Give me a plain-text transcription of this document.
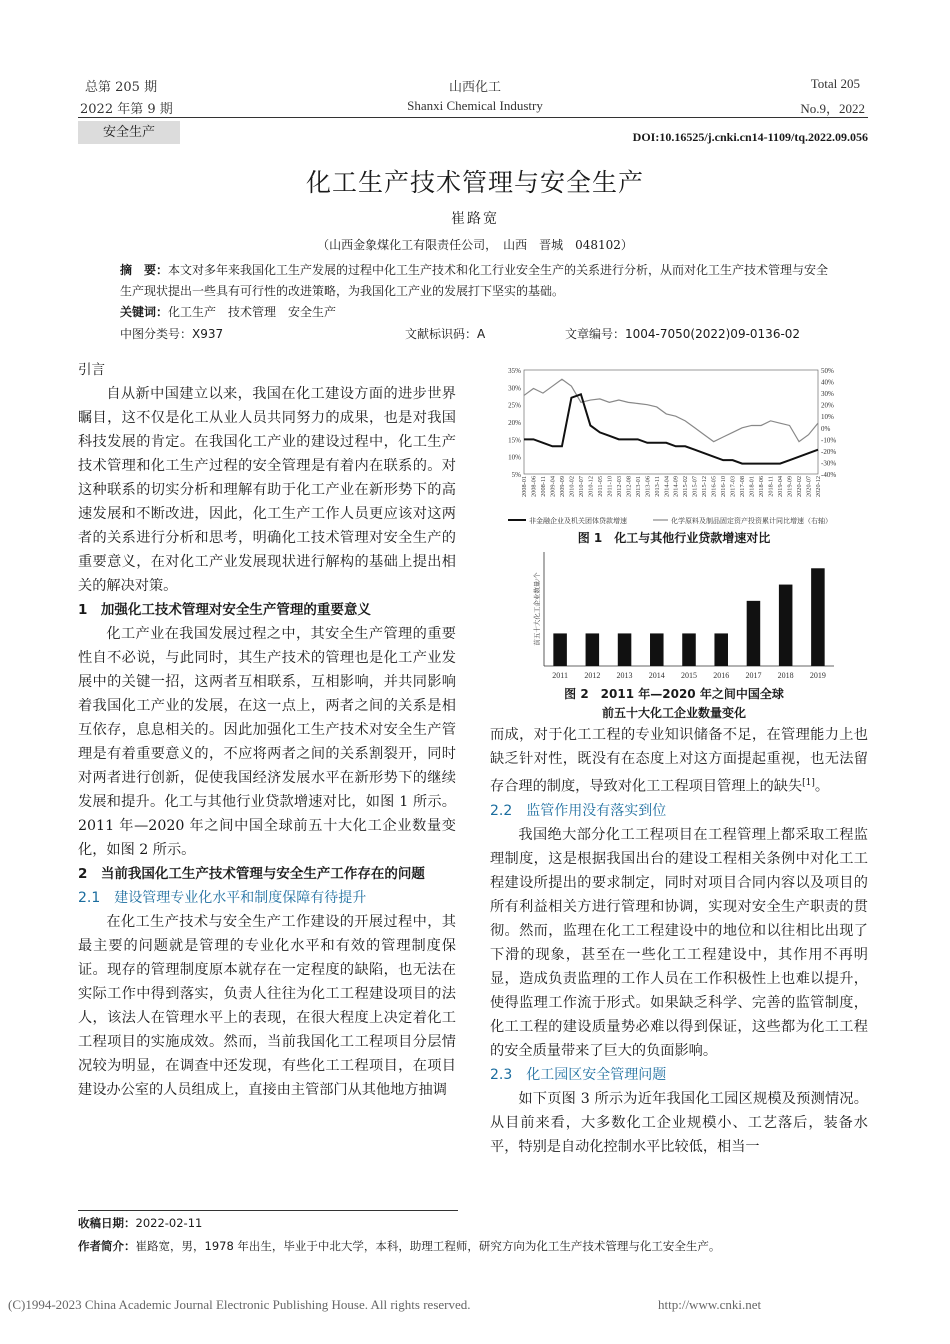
总第 205 期
2022 年第 9 期
山西化工
Shanxi Chemical Industry
Total 205
No.9，2022
安全生产	DOI:10.16525/j.cnki.cn14-1109/tq.2022.09.056
化工生产技术管理与安全生产
崔路宽
（山西金象煤化工有限责任公司，　山西　晋城　048102）
摘　要：本文对多年来我国化工生产发展的过程中化工生产技术和化工行业安全生产的关系进行分析，从而对化工生产技术管理与安全生产现状提出一些具有可行性的改进策略，为我国化工产业的发展打下坚实的基础。
关键词：化工生产　技术管理　安全生产
中图分类号：X937	文献标识码：A	文章编号：1004-7050(2022)09-0136-02
引言

自从新中国建立以来，我国在化工建设方面的进步世界瞩目，这不仅是化工从业人员共同努力的成果，也是对我国科技发展的肯定。在我国化工产业的建设过程中，化工生产技术管理和化工生产过程的安全管理是有着内在联系的。对这种联系的切实分析和理解有助于化工产业在新形势下的高速发展和不断改进，因此，化工生产工作人员更应该对这两者的关系进行分析和思考，明确化工技术管理对安全生产的重要意义，在对化工产业发展现状进行解构的基础上提出相关的解决对策。

1　加强化工技术管理对安全生产管理的重要意义

化工产业在我国发展过程之中，其安全生产管理的重要性自不必说，与此同时，其生产技术的管理也是化工产业发展中的关键一招，这两者互相联系，互相影响，并共同影响着我国化工产业的发展，在这一点上，两者之间的关系是相互依存，息息相关的。因此加强化工生产技术对安全生产管理是有着重要意义的，不应将两者之间的关系割裂开，同时对两者进行创新，促使我国经济发展水平在新形势下的继续发展和提升。化工与其他行业贷款增速对比，如图 1 所示。2011 年—2020 年之间中国全球前五十大化工企业数量变化，如图 2 所示。

2　当前我国化工生产技术管理与安全生产工作存在的问题
2.1　建设管理专业化水平和制度保障有待提升

在化工生产技术与安全生产工作建设的开展过程中，其最主要的问题就是管理的专业化水平和有效的管理制度保证。现存的管理制度原本就存在一定程度的缺陷，也无法在实际工作中得到落实，负责人往往为化工工程建设项目的法人，该法人在管理水平上的表现，在很大程度上决定着化工工程项目的实施成效。然而，当前我国化工工程项目分层情况较为明显，在调查中还发现，有些化工工程项目，在项目建设办公室的人员组成上，直接由主管部门从其他地方抽调

35%
30%
25%
20%
15%
10%
5%
50%
40%
30%
20%
10%
0%
-10%
-20%
-30%
-40%
2008-01 2008-06 2008-11 2009-04 2009-09 2010-02 2010-07 2010-12 2011-05 2011-10 2012-03 2012-08 2013-01 2013-06 2013-11 2014-04 2014-09 2015-02 2015-07 2015-12 2016-05 2016-10 2017-03 2017-08 2018-01 2018-06 2018-11 2019-04 2019-09 2020-02 2020-07 2020-12
非金融企业及机关团体贷款增速	化学原料及制品固定资产投资累计同比增速（右轴）
图 1　化工与其他行业贷款增速对比
前五十大化工企业数量/个
2011 2012 2013 2014 2015 2016 2017 2018 2019
图 2　2011 年—2020 年之间中国全球
前五十大化工企业数量变化
而成，对于化工工程的专业知识储备不足，在管理能力上也缺乏针对性，既没有在态度上对这方面提起重视，也无法留存合理的制度，导致对化工工程项目管理上的缺失[1]。
2.2　监管作用没有落实到位

我国绝大部分化工工程项目在工程管理上都采取工程监理制度，这是根据我国出台的建设工程相关条例中对化工工程建设所提出的要求制定，同时对项目合同内容以及项目的所有利益相关方进行管理和协调，实现对安全生产职责的贯彻。然而，监理在化工工程建设中的地位和以往相比出现了下滑的现象，甚至在一些化工工程建设中，其作用不再明显，造成负责监理的工作人员在工作积极性上也难以提升，使得监理工作流于形式。如果缺乏科学、完善的监管制度，化工工程的建设质量势必难以得到保证，这些都为化工工程的安全质量带来了巨大的负面影响。

2.3　化工园区安全管理问题

如下页图 3 所示为近年我国化工园区规模及预测情况。从目前来看，大多数化工企业规模小、工艺落后，装备水平，特别是自动化控制水平比较低，相当一

收稿日期：2022-02-11
作者简介：崔路宽，男，1978 年出生，毕业于中北大学，本科，助理工程师，研究方向为化工生产技术管理与化工安全生产。
(C)1994-2023 China Academic Journal Electronic Publishing House. All rights reserved.	http://www.cnki.net
